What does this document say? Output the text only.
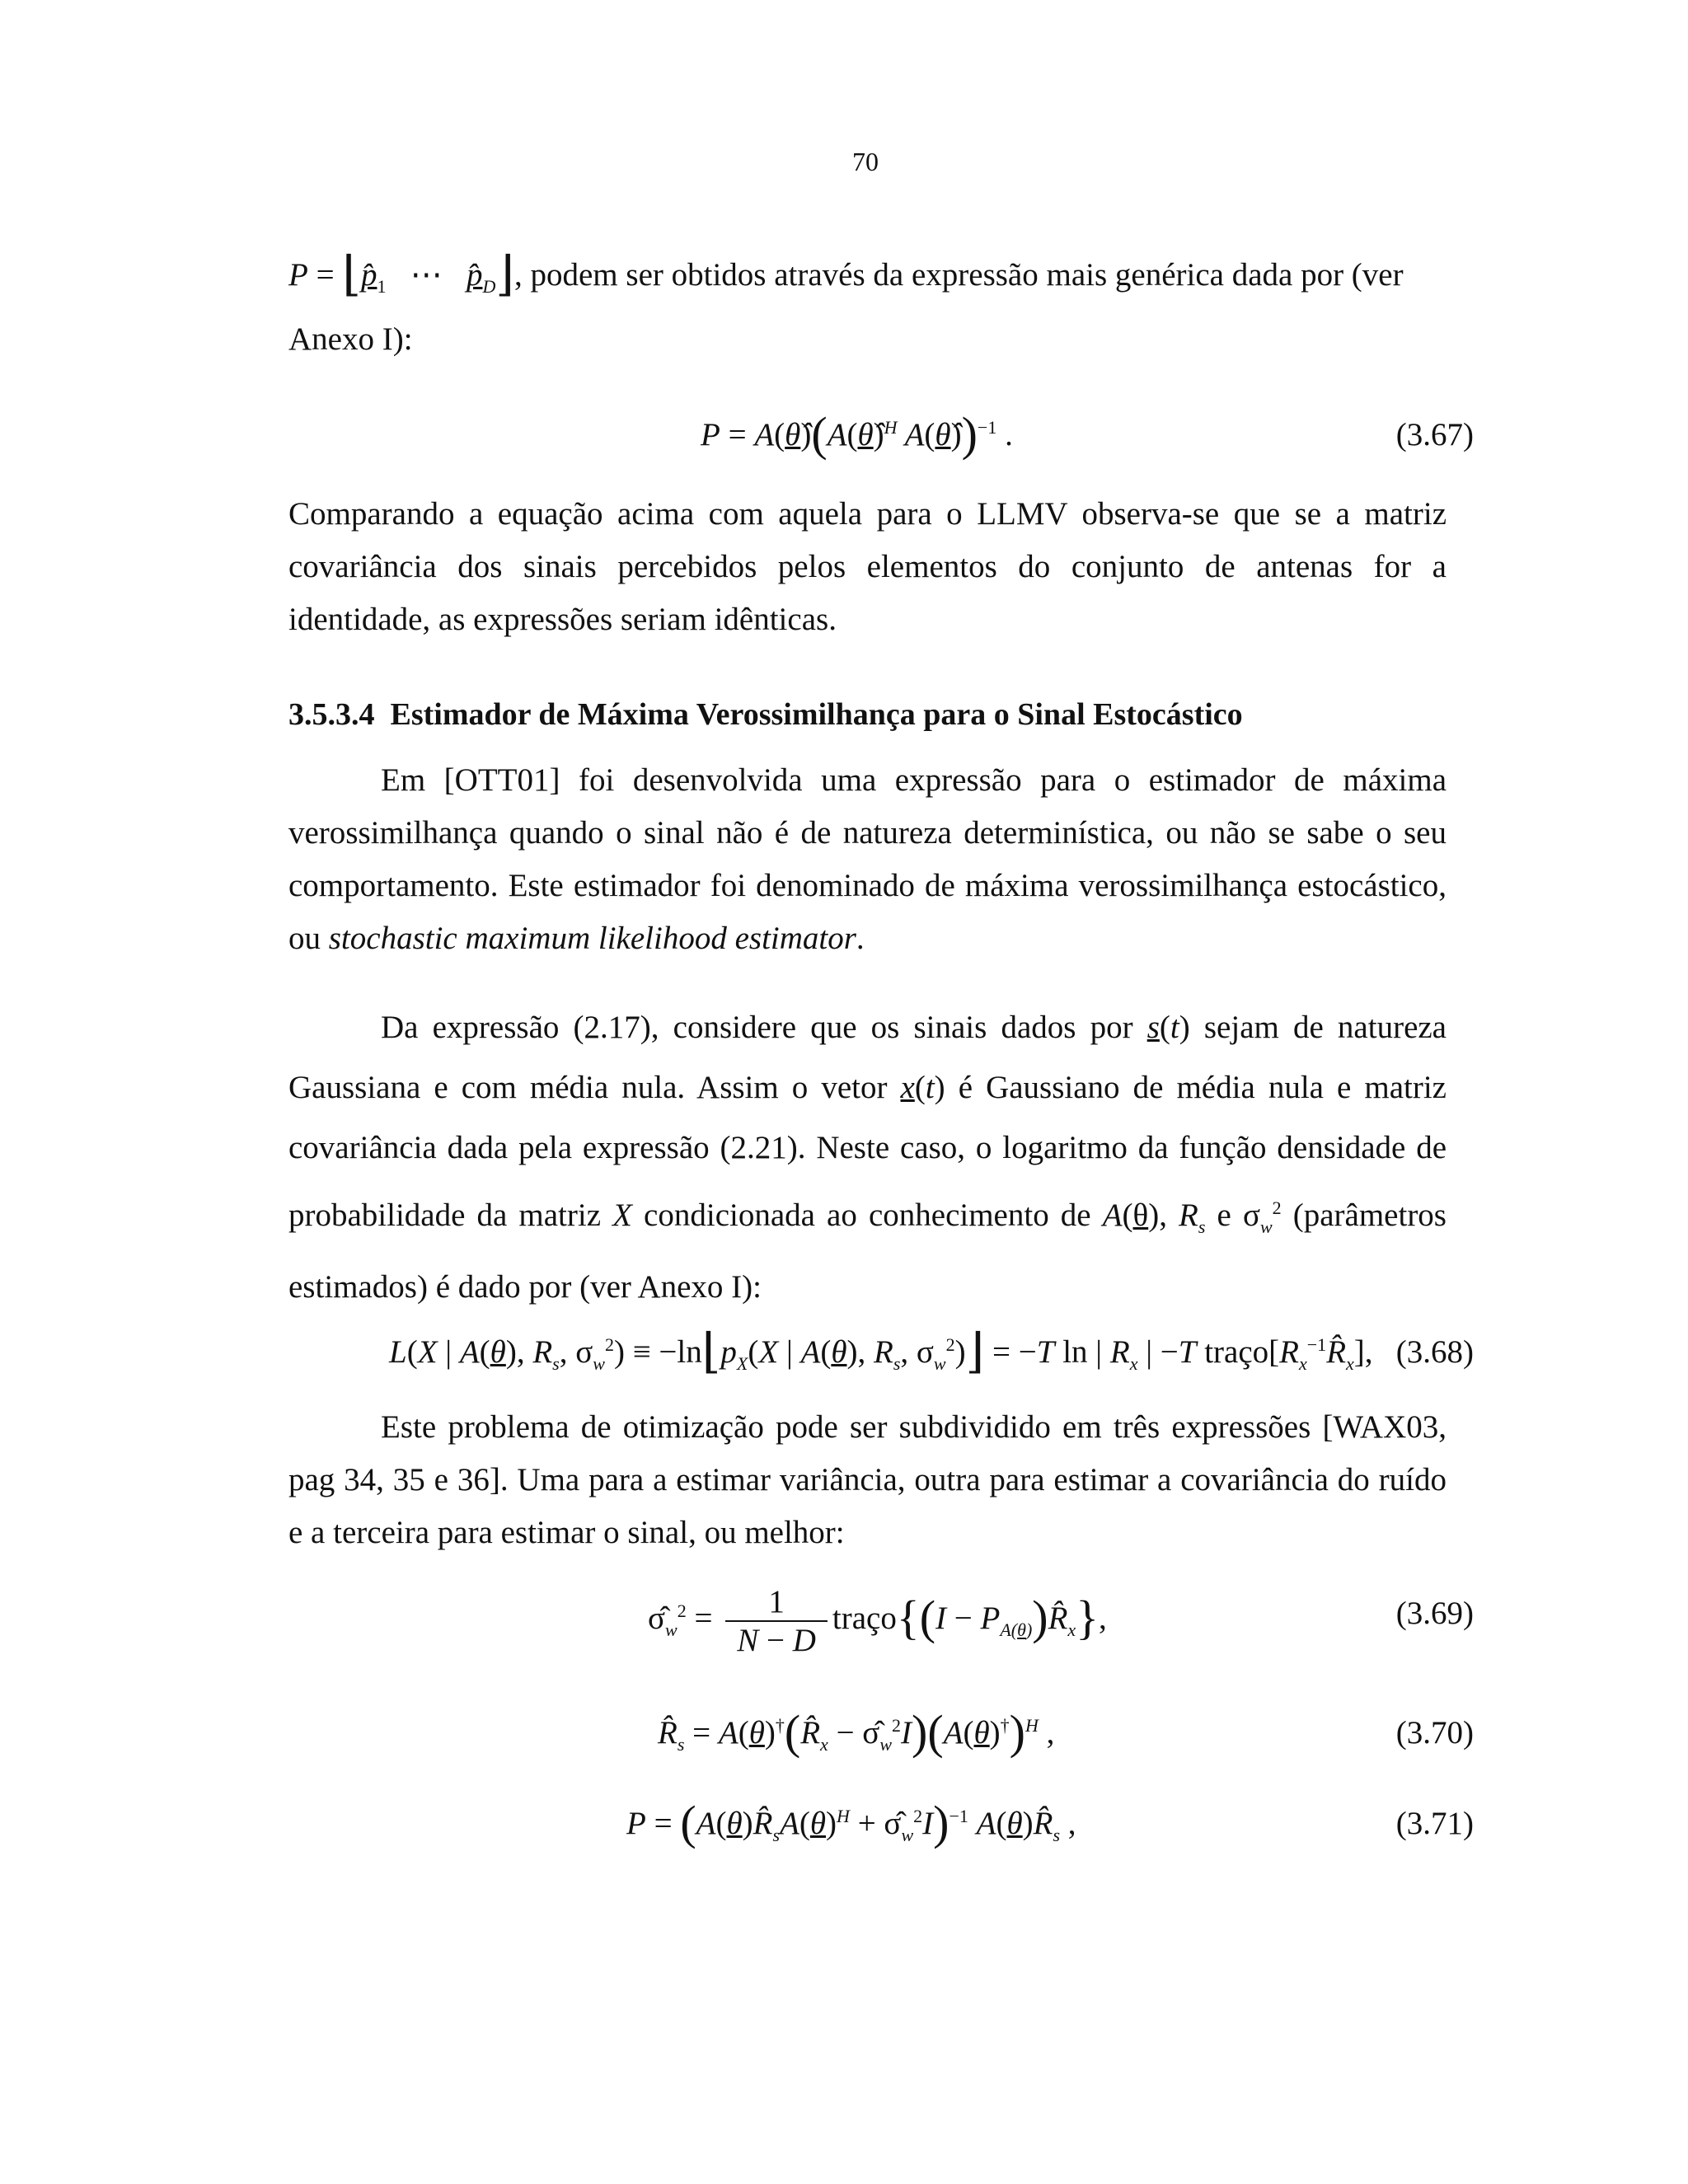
70

$P = ⌊p̂_1$   ⋯   $p̂_D⌋$, podem ser obtidos através da expressão mais genérica dada por (ver

Anexo I):

P = A(θ̂)(A(θ̂)$^H$ A(θ̂))$^{-1}$ .	(3.67)

Comparando a equação acima com aquela para o LLMV observa-se que se a matriz covariância dos sinais percebidos pelos elementos do conjunto de antenas for a identidade, as expressões seriam idênticas.

3.5.3.4 Estimador de Máxima Verossimilhança para o Sinal Estocástico

Em [OTT01] foi desenvolvida uma expressão para o estimador de máxima verossimilhança quando o sinal não é de natureza determinística, ou não se sabe o seu comportamento. Este estimador foi denominado de máxima verossimilhança estocástico, ou stochastic maximum likelihood estimator.

Da expressão (2.17), considere que os sinais dados por s(t) sejam de natureza Gaussiana e com média nula. Assim o vetor x(t) é Gaussiano de média nula e matriz covariância dada pela expressão (2.21). Neste caso, o logaritmo da função densidade de probabilidade da matriz X condicionada ao conhecimento de A(θ), $R_s$ e $\sigma_w^2$ (parâmetros estimados) é dado por (ver Anexo I):

L(X | A(θ), $R_s$, $\sigma_w^2$) ≡ $-\ln⌊p_X(X$ | A(θ), $R_s$, $\sigma_w^2)⌋ = -T$ ln | $R_x$ | −T $traço[R_x^{-1}R̂_x]$, (3.68)

Este problema de otimização pode ser subdividido em três expressões [WAX03, pag 34, 35 e 36]. Uma para a estimar variância, outra para estimar a covariância do ruído e a terceira para estimar o sinal, ou melhor:

$\sigmâ_w^2 = \frac{1}{N - D}$ traço{(I − $P_{A(\theta)})R̂_x$},	(3.69)
$R̂_s$ = $A(\theta)^\dagger(R̂_x$ − $\sigmâ_w^2I)(A(\theta)^\dagger)^H$ ,	(3.70)
$P = (A(\theta)R̂_sA(\theta)^H$ + $\sigmâ_w^2I)^{-1}$ $A(\theta)R̂_s$ ,	(3.71)
